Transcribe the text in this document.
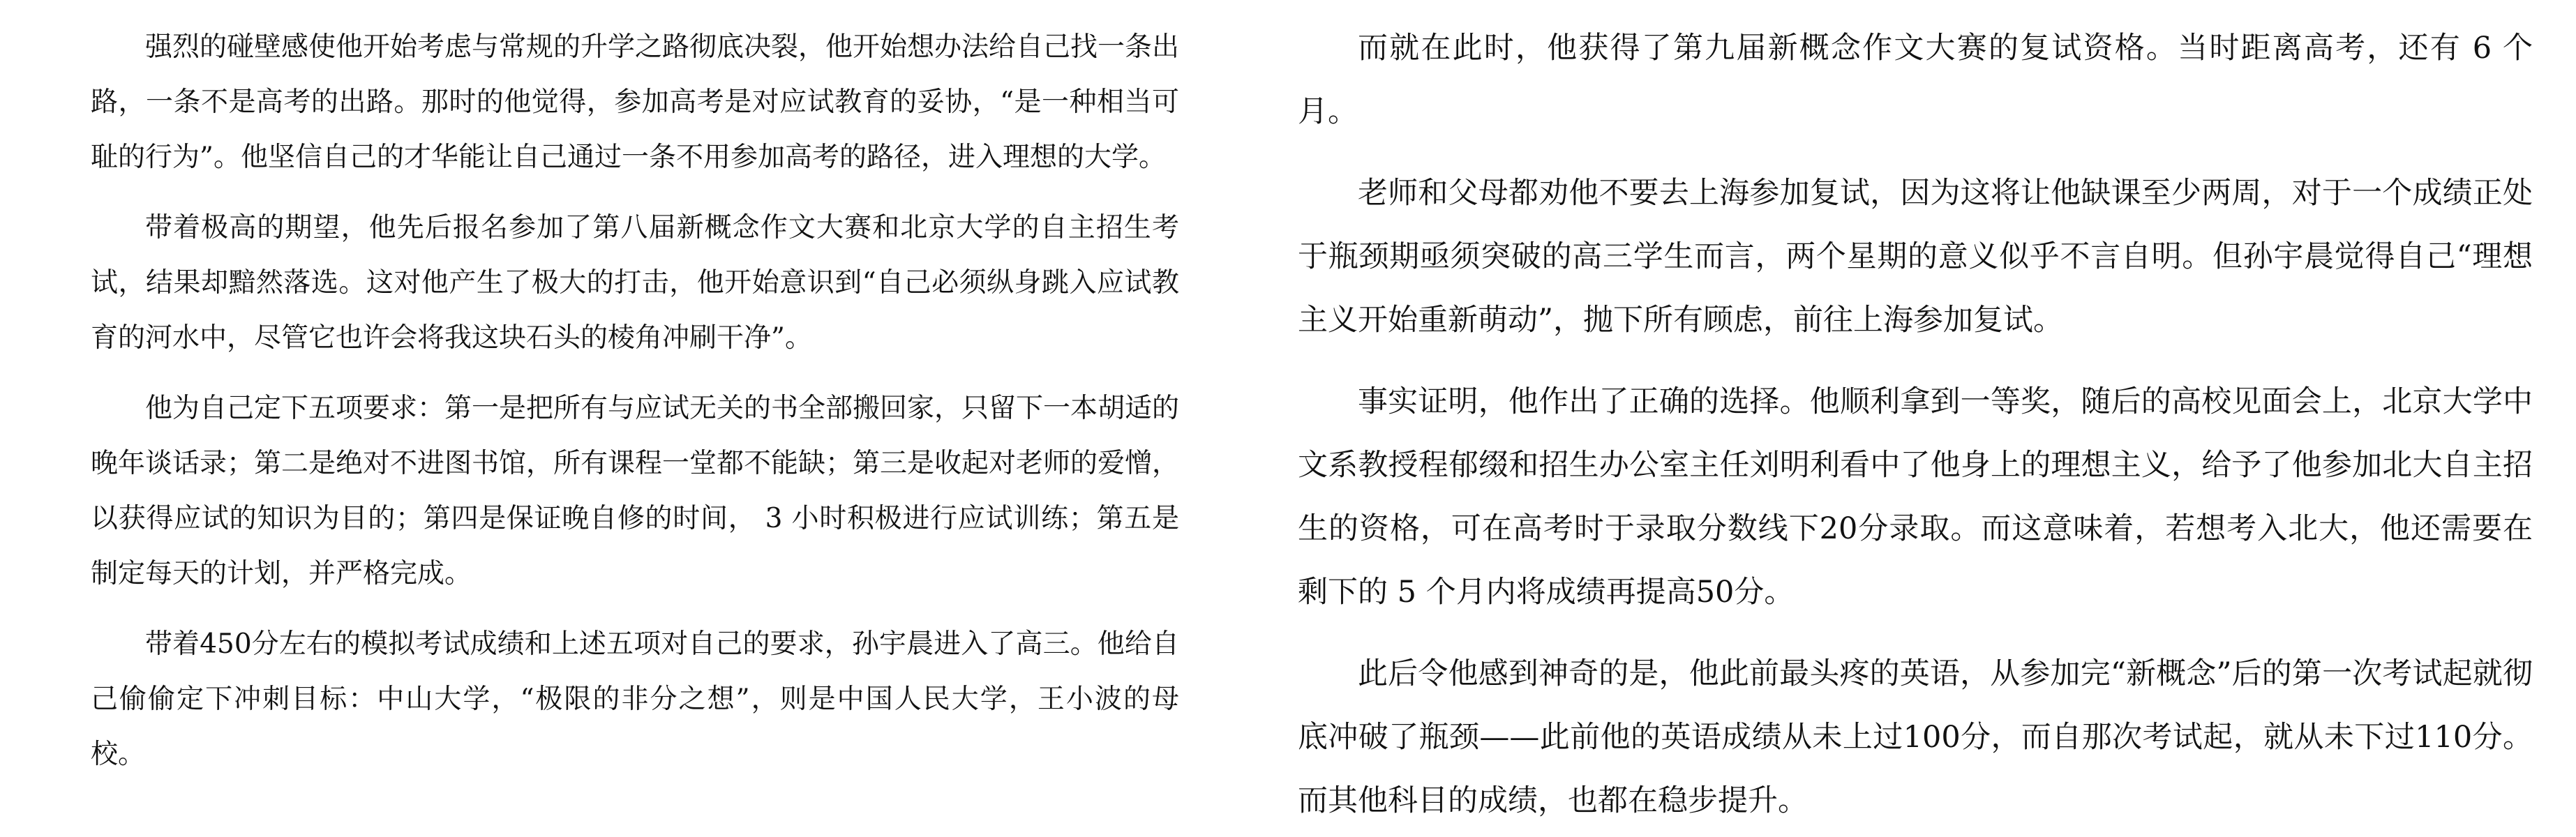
强烈的碰壁感使他开始考虑与常规的升学之路彻底决裂，他开始想办法给自己找一条出路，一条不是高考的出路。那时的他觉得，参加高考是对应试教育的妥协，“是一种相当可耻的行为”。他坚信自己的才华能让自己通过一条不用参加高考的路径，进入理想的大学。

带着极高的期望，他先后报名参加了第八届新概念作文大赛和北京大学的自主招生考试，结果却黯然落选。这对他产生了极大的打击，他开始意识到“自己必须纵身跳入应试教育的河水中，尽管它也许会将我这块石头的棱角冲刷干净”。

他为自己定下五项要求：第一是把所有与应试无关的书全部搬回家，只留下一本胡适的晚年谈话录；第二是绝对不进图书馆，所有课程一堂都不能缺；第三是收起对老师的爱憎，以获得应试的知识为目的；第四是保证晚自修的时间， 3 小时积极进行应试训练；第五是制定每天的计划，并严格完成。

带着450分左右的模拟考试成绩和上述五项对自己的要求，孙宇晨进入了高三。他给自己偷偷定下冲刺目标：中山大学，“极限的非分之想”，则是中国人民大学，王小波的母校。

而就在此时，他获得了第九届新概念作文大赛的复试资格。当时距离高考，还有 6 个月。

老师和父母都劝他不要去上海参加复试，因为这将让他缺课至少两周，对于一个成绩正处于瓶颈期亟须突破的高三学生而言，两个星期的意义似乎不言自明。但孙宇晨觉得自己“理想主义开始重新萌动”，抛下所有顾虑，前往上海参加复试。

事实证明，他作出了正确的选择。他顺利拿到一等奖，随后的高校见面会上，北京大学中文系教授程郁缀和招生办公室主任刘明利看中了他身上的理想主义，给予了他参加北大自主招生的资格，可在高考时于录取分数线下20分录取。而这意味着，若想考入北大，他还需要在剩下的 5 个月内将成绩再提高50分。

此后令他感到神奇的是，他此前最头疼的英语，从参加完“新概念”后的第一次考试起就彻底冲破了瓶颈——此前他的英语成绩从未上过100分，而自那次考试起，就从未下过110分。而其他科目的成绩，也都在稳步提升。
